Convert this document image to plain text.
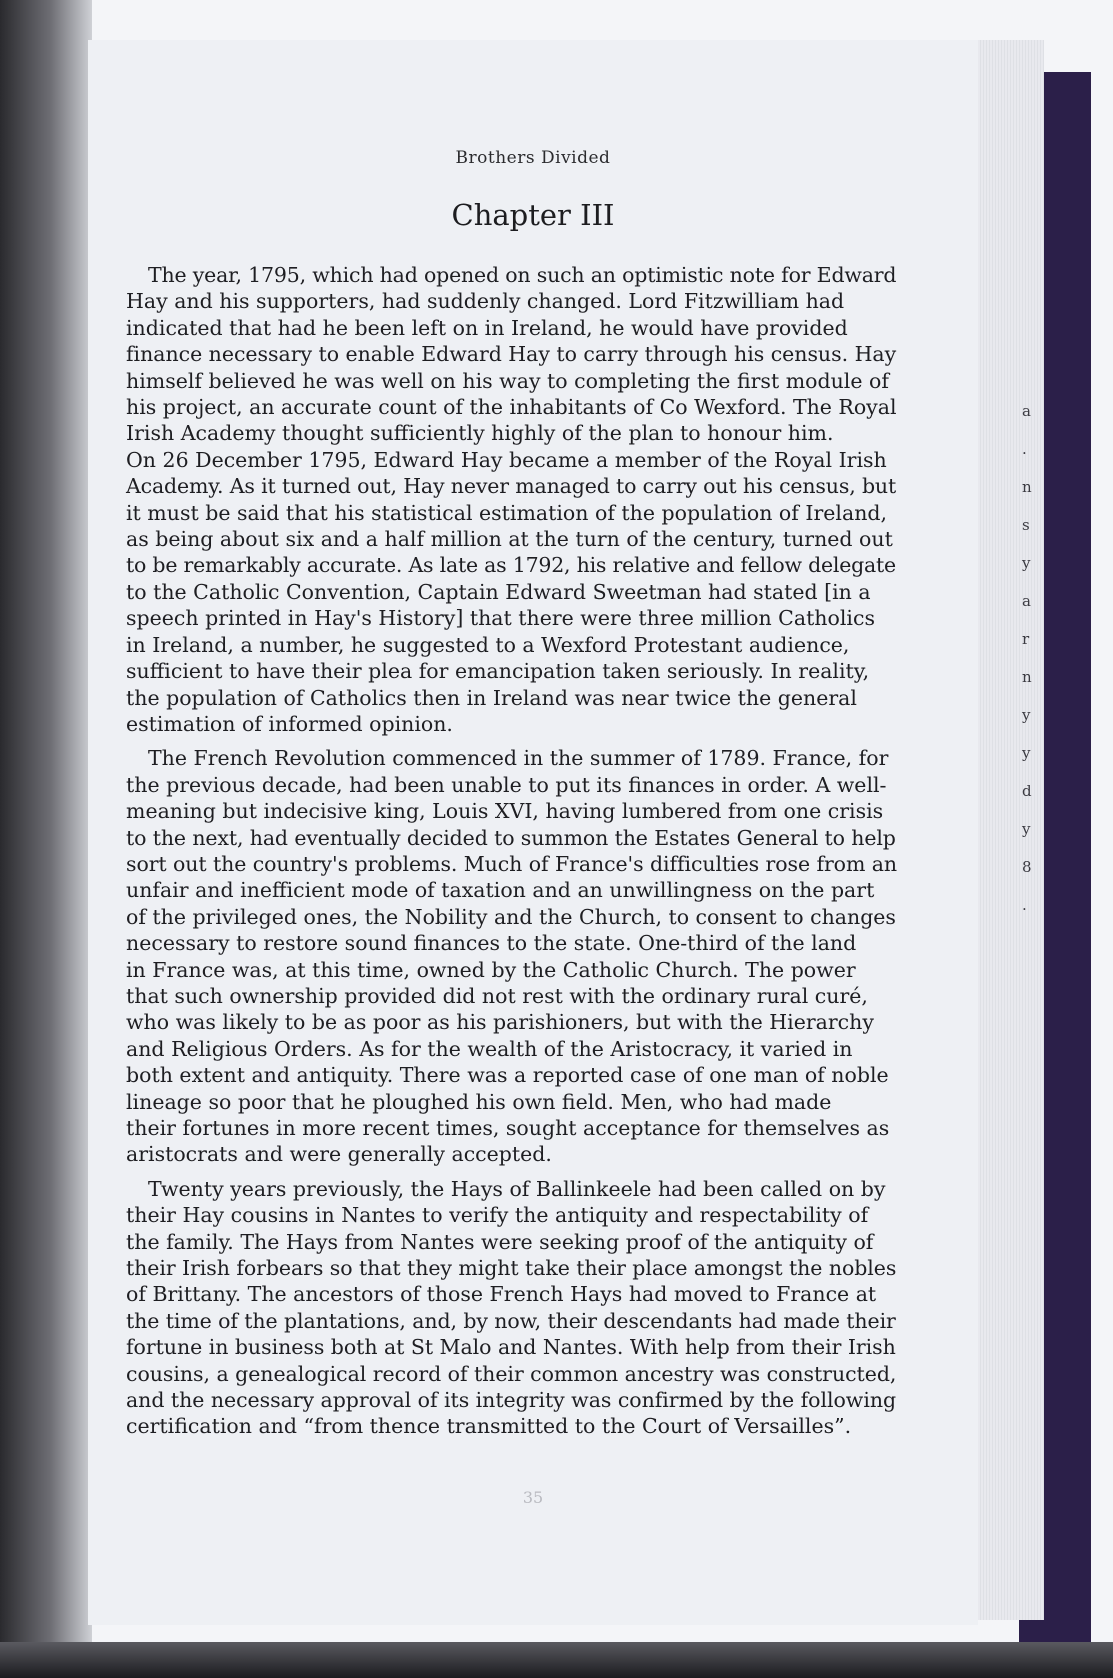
a
.
n
s
y
a
r
n
y
y
d
y
8
.
Brothers Divided
Chapter III

The year, 1795, which had opened on such an optimistic note for Edward
Hay and his supporters, had suddenly changed. Lord Fitzwilliam had
indicated that had he been left on in Ireland, he would have provided
finance necessary to enable Edward Hay to carry through his census. Hay
himself believed he was well on his way to completing the first module of
his project, an accurate count of the inhabitants of Co Wexford. The Royal
Irish Academy thought sufficiently highly of the plan to honour him.
On 26 December 1795, Edward Hay became a member of the Royal Irish
Academy. As it turned out, Hay never managed to carry out his census, but
it must be said that his statistical estimation of the population of Ireland,
as being about six and a half million at the turn of the century, turned out
to be remarkably accurate. As late as 1792, his relative and fellow delegate
to the Catholic Convention, Captain Edward Sweetman had stated [in a
speech printed in Hay's History] that there were three million Catholics
in Ireland, a number, he suggested to a Wexford Protestant audience,
sufficient to have their plea for emancipation taken seriously. In reality,
the population of Catholics then in Ireland was near twice the general
estimation of informed opinion.

The French Revolution commenced in the summer of 1789. France, for
the previous decade, had been unable to put its finances in order. A well-
meaning but indecisive king, Louis XVI, having lumbered from one crisis
to the next, had eventually decided to summon the Estates General to help
sort out the country's problems. Much of France's difficulties rose from an
unfair and inefficient mode of taxation and an unwillingness on the part
of the privileged ones, the Nobility and the Church, to consent to changes
necessary to restore sound finances to the state. One-third of the land
in France was, at this time, owned by the Catholic Church. The power
that such ownership provided did not rest with the ordinary rural curé,
who was likely to be as poor as his parishioners, but with the Hierarchy
and Religious Orders. As for the wealth of the Aristocracy, it varied in
both extent and antiquity. There was a reported case of one man of noble
lineage so poor that he ploughed his own field. Men, who had made
their fortunes in more recent times, sought acceptance for themselves as
aristocrats and were generally accepted.

Twenty years previously, the Hays of Ballinkeele had been called on by
their Hay cousins in Nantes to verify the antiquity and respectability of
the family. The Hays from Nantes were seeking proof of the antiquity of
their Irish forbears so that they might take their place amongst the nobles
of Brittany. The ancestors of those French Hays had moved to France at
the time of the plantations, and, by now, their descendants had made their
fortune in business both at St Malo and Nantes. With help from their Irish
cousins, a genealogical record of their common ancestry was constructed,
and the necessary approval of its integrity was confirmed by the following
certification and “from thence transmitted to the Court of Versailles”.

35
